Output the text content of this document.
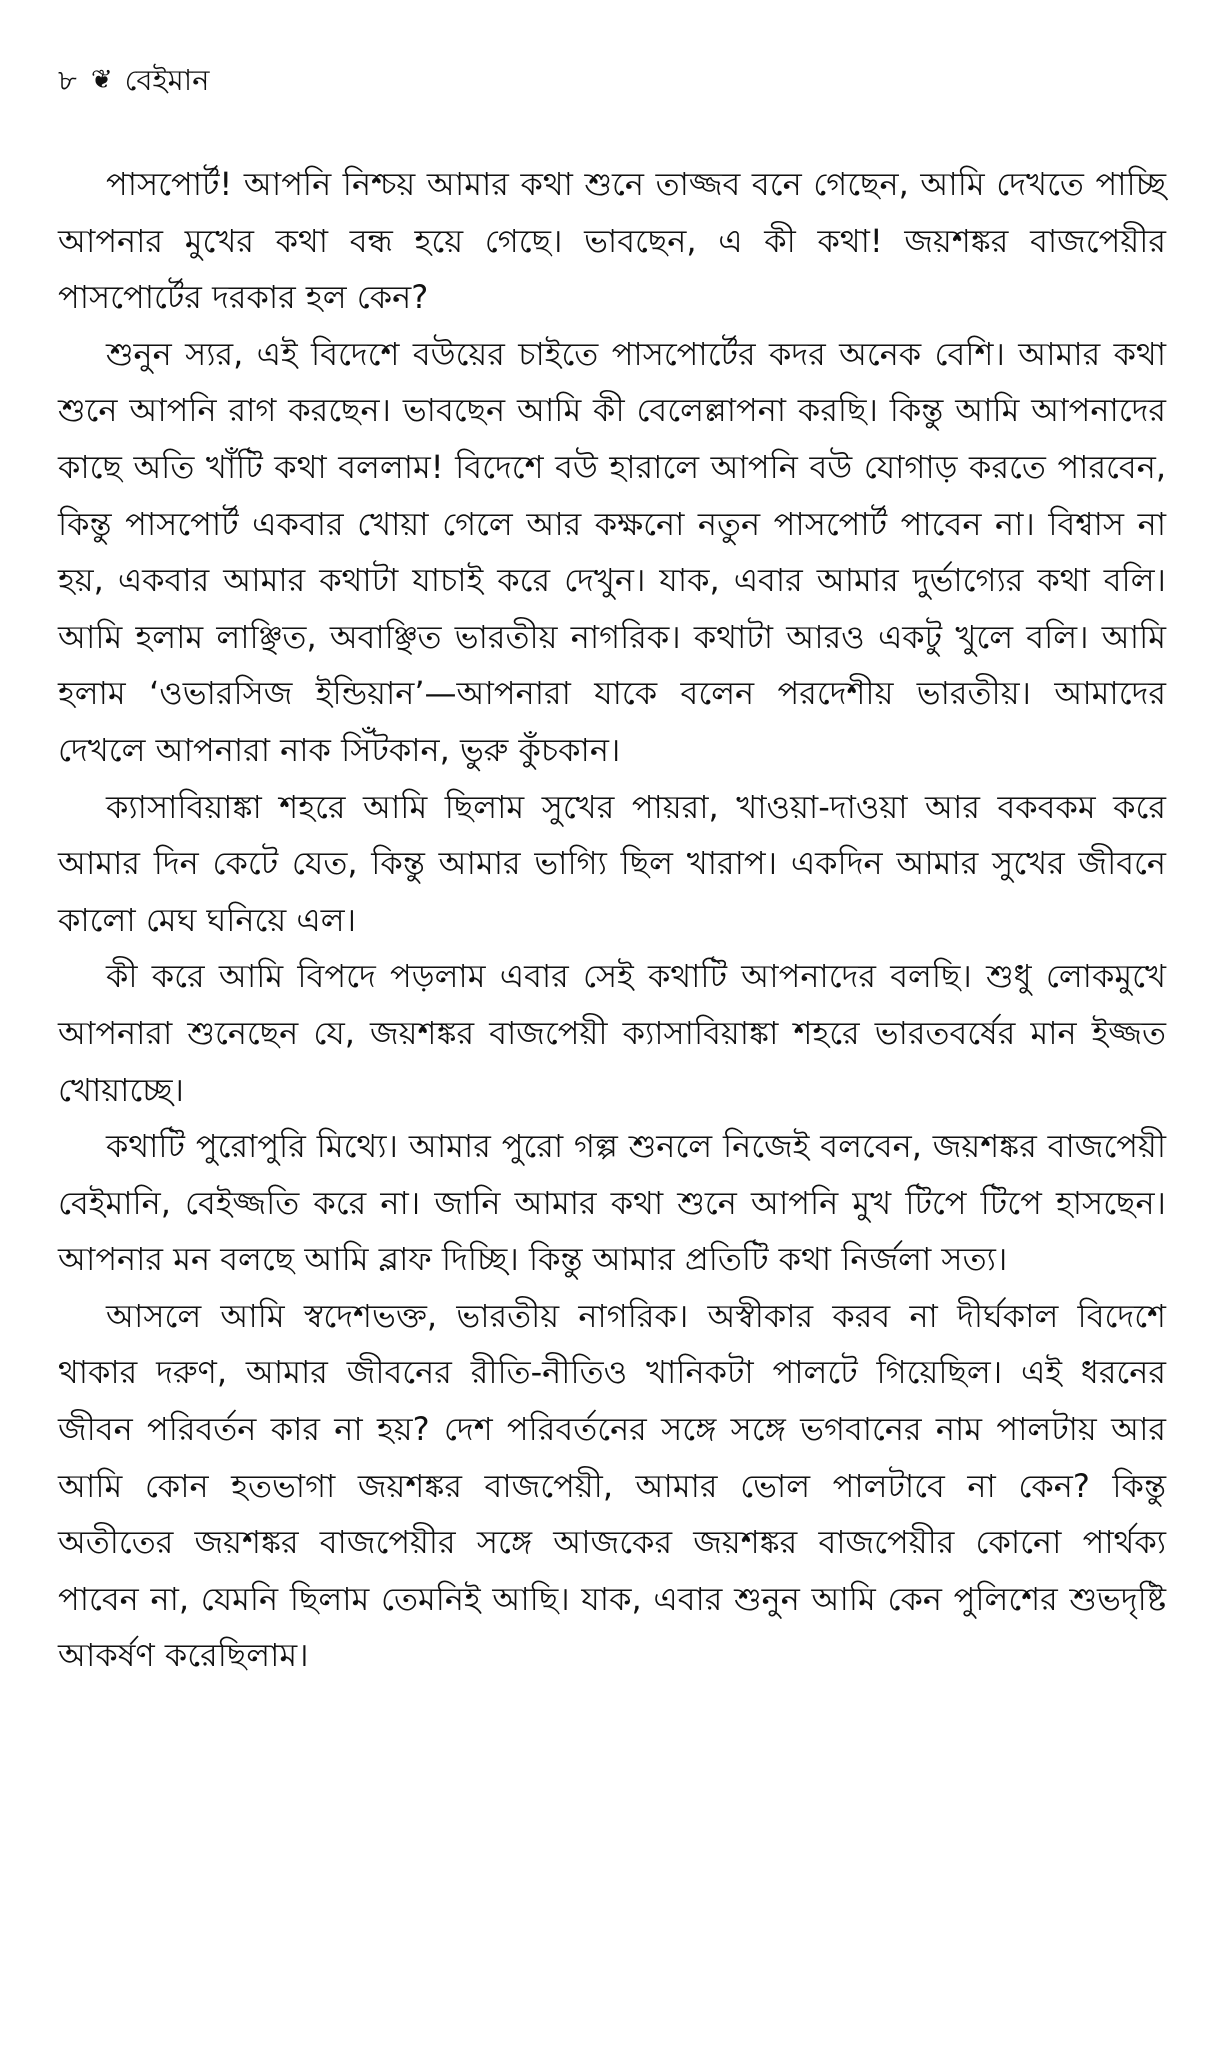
৮ ❦ বেইমান

পাসপোর্ট! আপনি নিশ্চয় আমার কথা শুনে তাজ্জব বনে গেছেন, আমি দেখতে পাচ্ছি আপনার মুখের কথা বন্ধ হয়ে গেছে। ভাবছেন, এ কী কথা! জয়শঙ্কর বাজপেয়ীর পাসপোর্টের দরকার হল কেন?

শুনুন স্যর, এই বিদেশে বউয়ের চাইতে পাসপোর্টের কদর অনেক বেশি। আমার কথা শুনে আপনি রাগ করছেন। ভাবছেন আমি কী বেলেল্লাপনা করছি। কিন্তু আমি আপনাদের কাছে অতি খাঁটি কথা বললাম! বিদেশে বউ হারালে আপনি বউ যোগাড় করতে পারবেন, কিন্তু পাসপোর্ট একবার খোয়া গেলে আর কক্ষনো নতুন পাসপোর্ট পাবেন না। বিশ্বাস না হয়, একবার আমার কথাটা যাচাই করে দেখুন। যাক, এবার আমার দুর্ভাগ্যের কথা বলি। আমি হলাম লাঞ্ছিত, অবাঞ্ছিত ভারতীয় নাগরিক। কথাটা আরও একটু খুলে বলি। আমি হলাম ‘ওভারসিজ ইন্ডিয়ান’—আপনারা যাকে বলেন পরদেশীয় ভারতীয়। আমাদের দেখলে আপনারা নাক সিঁটকান, ভুরু কুঁচকান।

ক্যাসাবিয়াঙ্কা শহরে আমি ছিলাম সুখের পায়রা, খাওয়া-দাওয়া আর বকবকম করে আমার দিন কেটে যেত, কিন্তু আমার ভাগ্যি ছিল খারাপ। একদিন আমার সুখের জীবনে কালো মেঘ ঘনিয়ে এল।

কী করে আমি বিপদে পড়লাম এবার সেই কথাটি আপনাদের বলছি। শুধু লোকমুখে আপনারা শুনেছেন যে, জয়শঙ্কর বাজপেয়ী ক্যাসাবিয়াঙ্কা শহরে ভারতবর্ষের মান ইজ্জত খোয়াচ্ছে।

কথাটি পুরোপুরি মিথ্যে। আমার পুরো গল্প শুনলে নিজেই বলবেন, জয়শঙ্কর বাজপেয়ী বেইমানি, বেইজ্জতি করে না। জানি আমার কথা শুনে আপনি মুখ টিপে টিপে হাসছেন। আপনার মন বলছে আমি ব্লাফ দিচ্ছি। কিন্তু আমার প্রতিটি কথা নির্জলা সত্য।

আসলে আমি স্বদেশভক্ত, ভারতীয় নাগরিক। অস্বীকার করব না দীর্ঘকাল বিদেশে থাকার দরুণ, আমার জীবনের রীতি-নীতিও খানিকটা পালটে গিয়েছিল। এই ধরনের জীবন পরিবর্তন কার না হয়? দেশ পরিবর্তনের সঙ্গে সঙ্গে ভগবানের নাম পালটায় আর আমি কোন হতভাগা জয়শঙ্কর বাজপেয়ী, আমার ভোল পালটাবে না কেন? কিন্তু অতীতের জয়শঙ্কর বাজপেয়ীর সঙ্গে আজকের জয়শঙ্কর বাজপেয়ীর কোনো পার্থক্য পাবেন না, যেমনি ছিলাম তেমনিই আছি। যাক, এবার শুনুন আমি কেন পুলিশের শুভদৃষ্টি আকর্ষণ করেছিলাম।
